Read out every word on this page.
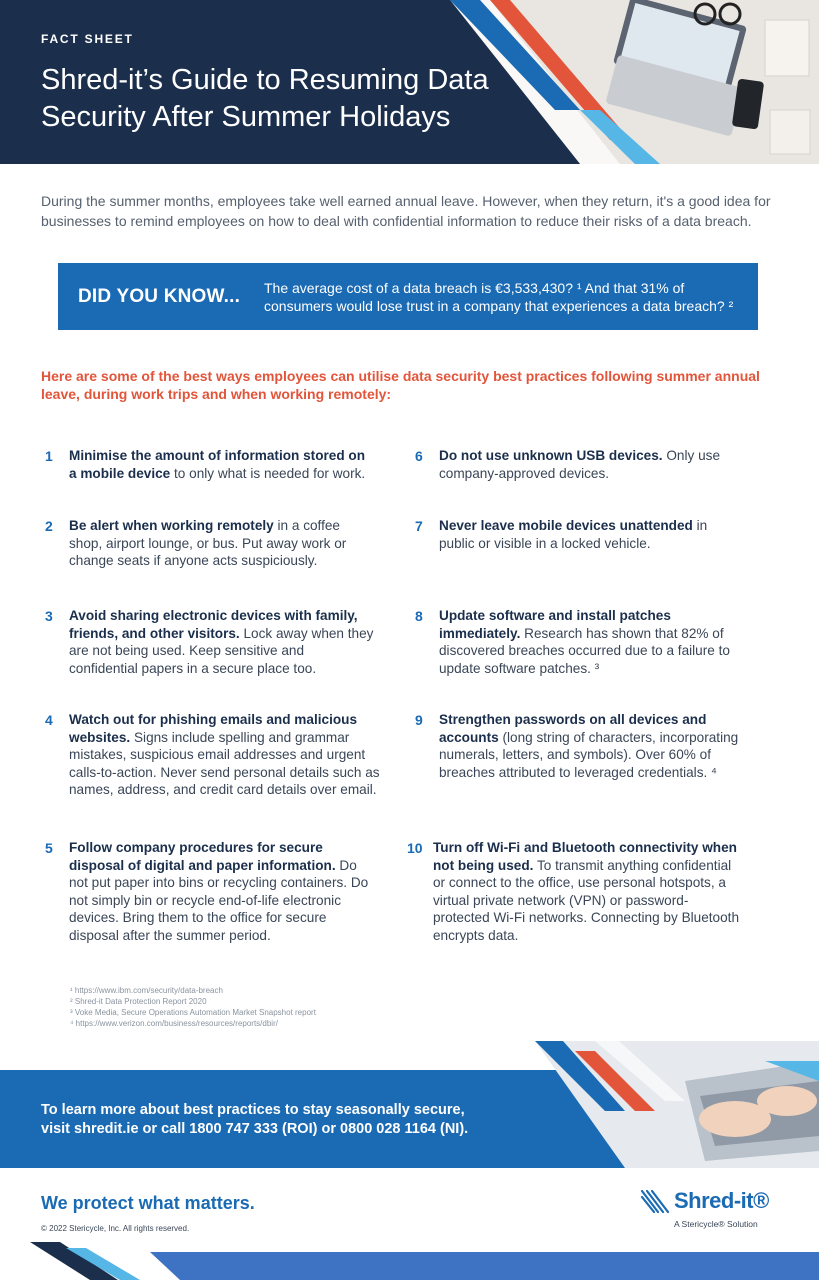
FACT SHEET
Shred-it’s Guide to Resuming Data
Security After Summer Holidays

During the summer months, employees take well earned annual leave. However, when they return, it's a good idea for businesses to remind employees on how to deal with confidential information to reduce their risks of a data breach.

DID YOU KNOW...	The average cost of a data breach is €3,533,430? ¹ And that 31% of consumers would lose trust in a company that experiences a data breach? ²

Here are some of the best ways employees can utilise data security best practices following summer annual leave, during work trips and when working remotely:

1	Minimise the amount of information stored on a mobile device to only what is needed for work.
2	Be alert when working remotely in a coffee shop, airport lounge, or bus. Put away work or change seats if anyone acts suspiciously.
3	Avoid sharing electronic devices with family, friends, and other visitors. Lock away when they are not being used. Keep sensitive and confidential papers in a secure place too.
4	Watch out for phishing emails and malicious websites. Signs include spelling and grammar mistakes, suspicious email addresses and urgent calls-to-action. Never send personal details such as names, address, and credit card details over email.
5	Follow company procedures for secure disposal of digital and paper information. Do not put paper into bins or recycling containers. Do not simply bin or recycle end-of-life electronic devices. Bring them to the office for secure disposal after the summer period.
6	Do not use unknown USB devices. Only use company-approved devices.
7	Never leave mobile devices unattended in public or visible in a locked vehicle.
8	Update software and install patches immediately. Research has shown that 82% of discovered breaches occurred due to a failure to update software patches. ³
9	Strengthen passwords on all devices and accounts (long string of characters, incorporating numerals, letters, and symbols). Over 60% of breaches attributed to leveraged credentials. ⁴
10 Turn off Wi-Fi and Bluetooth connectivity when not being used. To transmit anything confidential or connect to the office, use personal hotspots, a virtual private network (VPN) or password-protected Wi-Fi networks. Connecting by Bluetooth encrypts data.
¹ https://www.ibm.com/security/data-breach
² Shred-it Data Protection Report 2020
³ Voke Media, Secure Operations Automation Market Snapshot report
⁴ https://www.verizon.com/business/resources/reports/dbir/
To learn more about best practices to stay seasonally secure,
visit shredit.ie or call 1800 747 333 (ROI) or 0800 028 1164 (NI).
We protect what matters.
© 2022 Stericycle, Inc. All rights reserved.
Shred-it®
A Stericycle® Solution
